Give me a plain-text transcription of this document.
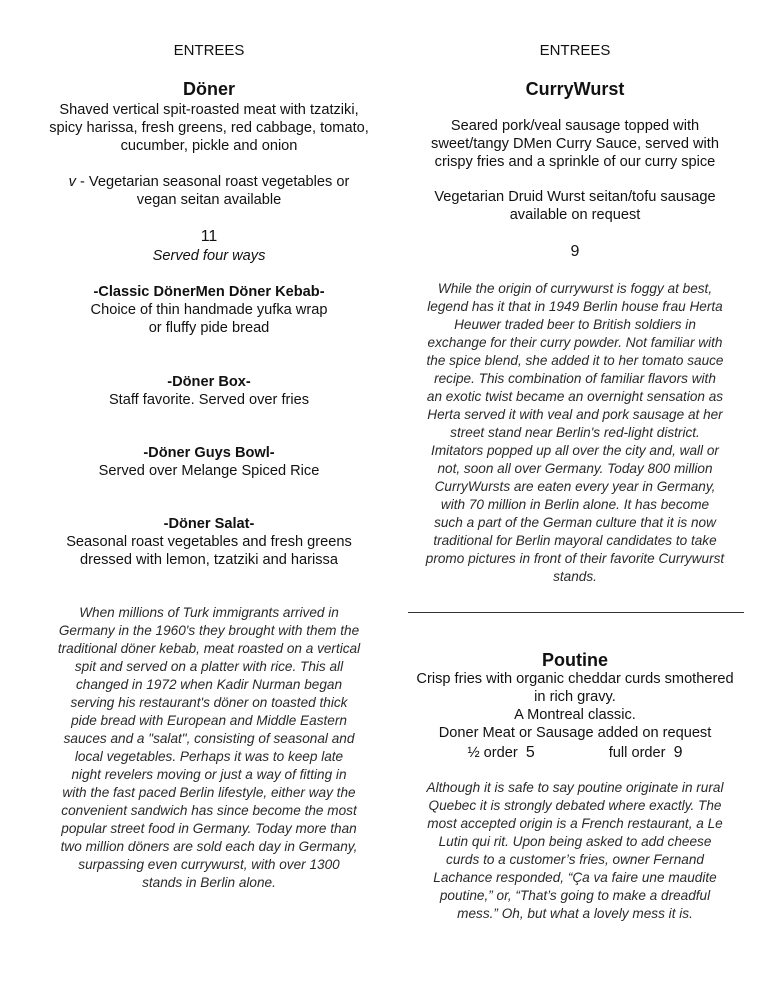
ENTREES

Döner

Shaved vertical spit-roasted meat with tzatziki,
spicy harissa, fresh greens, red cabbage, tomato,
cucumber, pickle and onion
v - Vegetarian seasonal roast vegetables or
vegan seitan available

11

Served four ways

-Classic DönerMen Döner Kebab-
Choice of thin handmade yufka wrap
or fluffy pide bread
-Döner Box-
Staff favorite. Served over fries
-Döner Guys Bowl-
Served over Melange Spiced Rice
-Döner Salat-
Seasonal roast vegetables and fresh greens
dressed with lemon, tzatziki and harissa
When millions of Turk immigrants arrived in
Germany in the 1960's they brought with them the
traditional döner kebab, meat roasted on a vertical
spit and served on a platter with rice. This all
changed in 1972 when Kadir Nurman began
serving his restaurant's döner on toasted thick
pide bread with European and Middle Eastern
sauces and a "salat", consisting of seasonal and
local vegetables. Perhaps it was to keep late
night revelers moving or just a way of fitting in
with the fast paced Berlin lifestyle, either way the
convenient sandwich has since become the most
popular street food in Germany. Today more than
two million döners are sold each day in Germany,
surpassing even currywurst, with over 1300
stands in Berlin alone.

ENTREES

CurryWurst

Seared pork/veal sausage topped with
sweet/tangy DMen Curry Sauce, served with
crispy fries and a sprinkle of our curry spice
Vegetarian Druid Wurst seitan/tofu sausage
available on request

9

While the origin of currywurst is foggy at best,
legend has it that in 1949 Berlin house frau Herta
Heuwer traded beer to British soldiers in
exchange for their curry powder. Not familiar with
the spice blend, she added it to her tomato sauce
recipe. This combination of familiar flavors with
an exotic twist became an overnight sensation as
Herta served it with veal and pork sausage at her
street stand near Berlin's red-light district.
Imitators popped up all over the city and, wall or
not, soon all over Germany. Today 800 million
CurryWursts are eaten every year in Germany,
with 70 million in Berlin alone. It has become
such a part of the German culture that it is now
traditional for Berlin mayoral candidates to take
promo pictures in front of their favorite Currywurst
stands.

Poutine

Crisp fries with organic cheddar curds smothered
in rich gravy.
A Montreal classic.
Doner Meat or Sausage added on request
½ order 5	full order 9
Although it is safe to say poutine originate in rural
Quebec it is strongly debated where exactly. The
most accepted origin is a French restaurant, a Le
Lutin qui rit. Upon being asked to add cheese
curds to a customer’s fries, owner Fernand
Lachance responded, “Ça va faire une maudite
poutine,” or, “That’s going to make a dreadful
mess.” Oh, but what a lovely mess it is.
